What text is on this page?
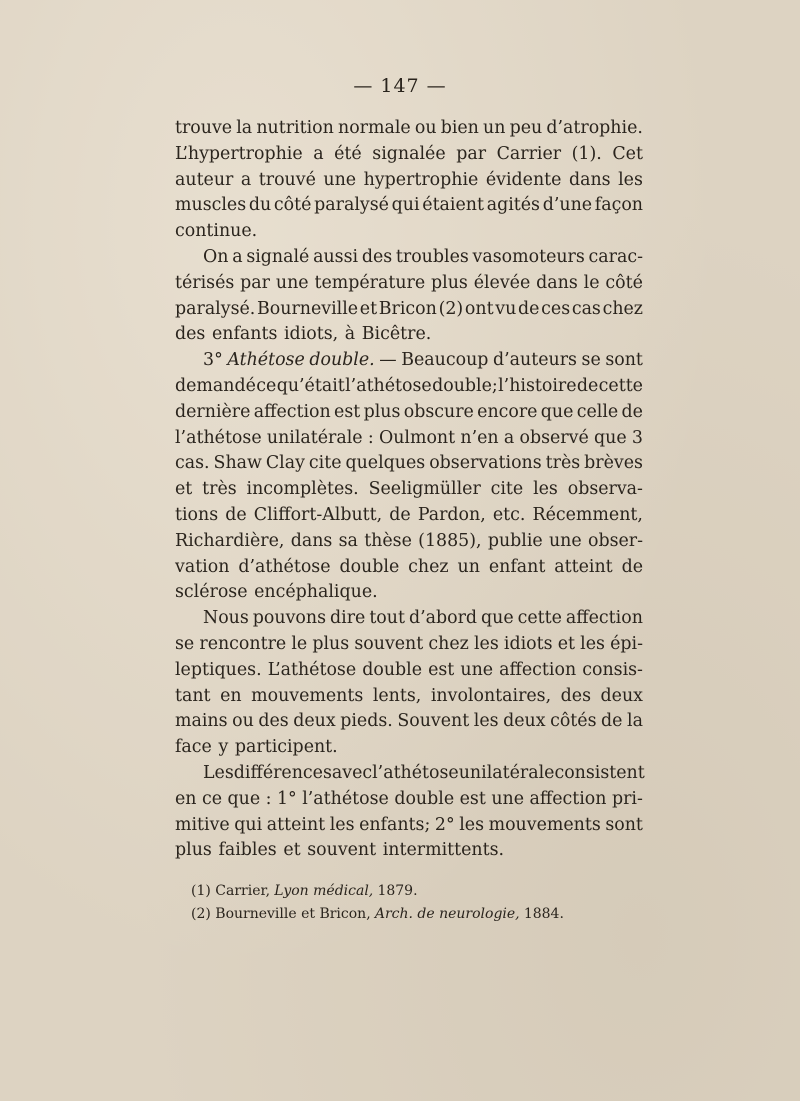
— 147 —
trouve la nutrition normale ou bien un peu d’atrophie.
L’hypertrophie a été signalée par Carrier (1). Cet
auteur a trouvé une hypertrophie évidente dans les
muscles du côté paralysé qui étaient agités d’une façon
continue.
On a signalé aussi des troubles vasomoteurs carac-
térisés par une température plus élevée dans le côté
paralysé. Bourneville et Bricon (2) ont vu de ces cas chez
des enfants idiots, à Bicêtre.
3° Athétose double. — Beaucoup d’auteurs se sont
demandé ce qu’était l’athétose double; l’histoire de cette
dernière affection est plus obscure encore que celle de
l’athétose unilatérale : Oulmont n’en a observé que 3
cas. Shaw Clay cite quelques observations très brèves
et très incomplètes. Seeligmüller cite les observa-
tions de Cliffort-Albutt, de Pardon, etc. Récemment,
Richardière, dans sa thèse (1885), publie une obser-
vation d’athétose double chez un enfant atteint de
sclérose encéphalique.
Nous pouvons dire tout d’abord que cette affection
se rencontre le plus souvent chez les idiots et les épi-
leptiques. L’athétose double est une affection consis-
tant en mouvements lents, involontaires, des deux
mains ou des deux pieds. Souvent les deux côtés de la
face y participent.
Les différences avec l’athétose unilatérale consistent
en ce que : 1° l’athétose double est une affection pri-
mitive qui atteint les enfants; 2° les mouvements sont
plus faibles et souvent intermittents.
(1) Carrier, Lyon médical, 1879.
(2) Bourneville et Bricon, Arch. de neurologie, 1884.
